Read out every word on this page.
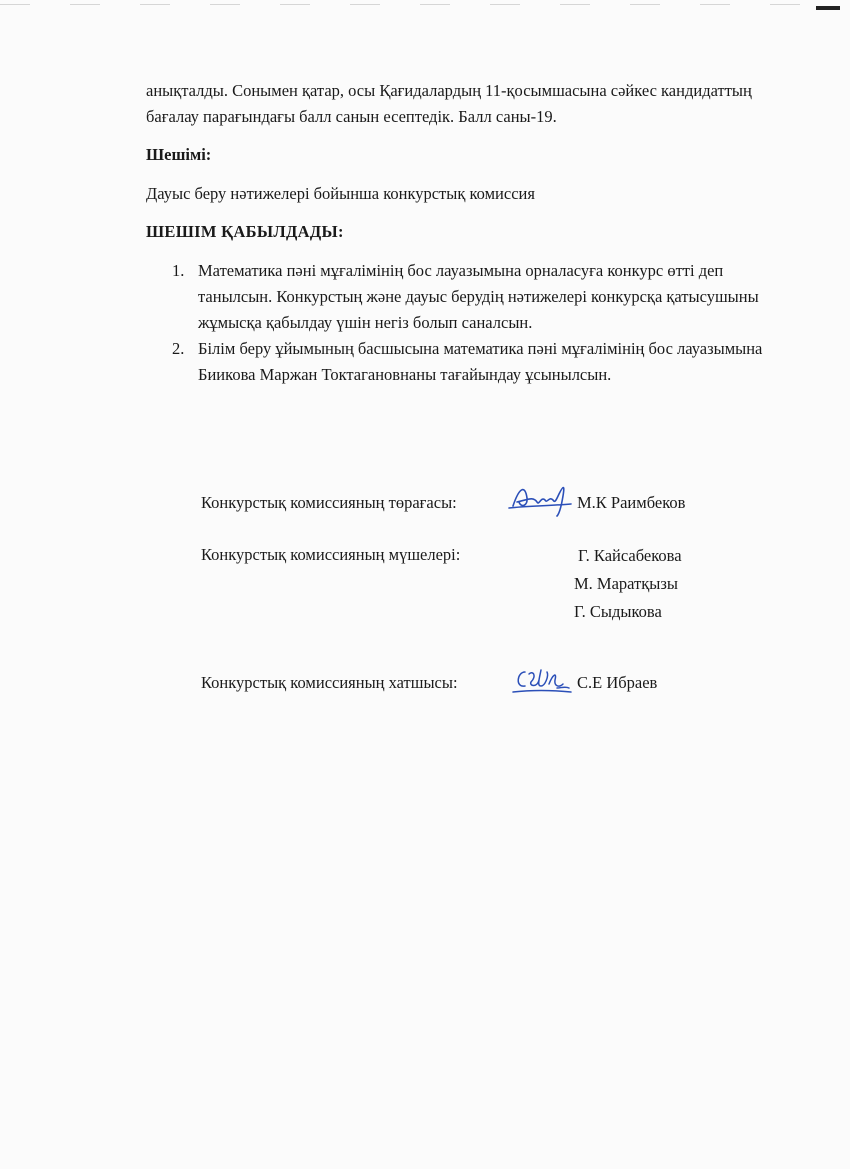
анықталды. Сонымен қатар, осы Қағидалардың 11-қосымшасына сәйкес кандидаттың бағалау парағындағы балл санын есептедік. Балл саны-19.

Шешімі:

Дауыс беру нәтижелері бойынша конкурстық комиссия

ШЕШІМ ҚАБЫЛДАДЫ:

1. Математика пәні мұғалімінің бос лауазымына орналасуға конкурс өтті деп танылсын. Конкурстың және дауыс берудің нәтижелері конкурсқа қатысушыны жұмысқа қабылдау үшін негіз болып саналсын.
2. Білім беру ұйымының басшысына математика пәні мұғалімінің бос лауазымына Биикова Маржан Токтагановнаны тағайындау ұсынылсын.
Конкурстық комиссияның төрағасы:	М.К Раимбеков
Конкурстық комиссияның мүшелері:	Г. Кайсабекова
М. Маратқызы
Г. Сыдыкова
Конкурстық комиссияның хатшысы:	С.Е Ибраев
